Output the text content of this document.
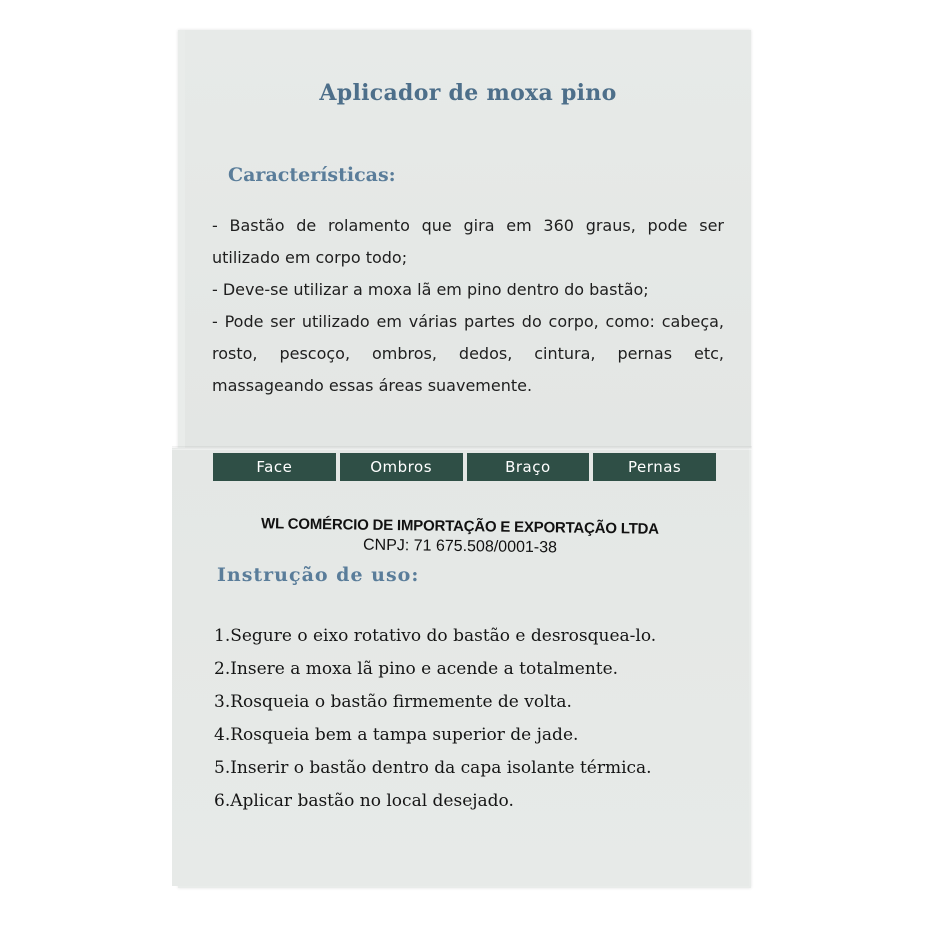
Aplicador de moxa pino
Características:

- Bastão de rolamento que gira em 360 graus, pode ser utilizado em corpo todo;

- Deve-se utilizar a moxa lã em pino dentro do bastão;

- Pode ser utilizado em várias partes do corpo, como: cabeça, rosto, pescoço, ombros, dedos, cintura, pernas etc, massageando essas áreas suavemente.

Face	Ombros	Braço	Pernas
WL COMÉRCIO DE IMPORTAÇÃO E EXPORTAÇÃO LTDA
CNPJ: 71 675.508/0001-38
Instrução de uso:
1.Segure o eixo rotativo do bastão e desrosquea-lo.
2.Insere a moxa lã pino e acende a totalmente.
3.Rosqueia o bastão firmemente de volta.
4.Rosqueia bem a tampa superior de jade.
5.Inserir o bastão dentro da capa isolante térmica.
6.Aplicar bastão no local desejado.
